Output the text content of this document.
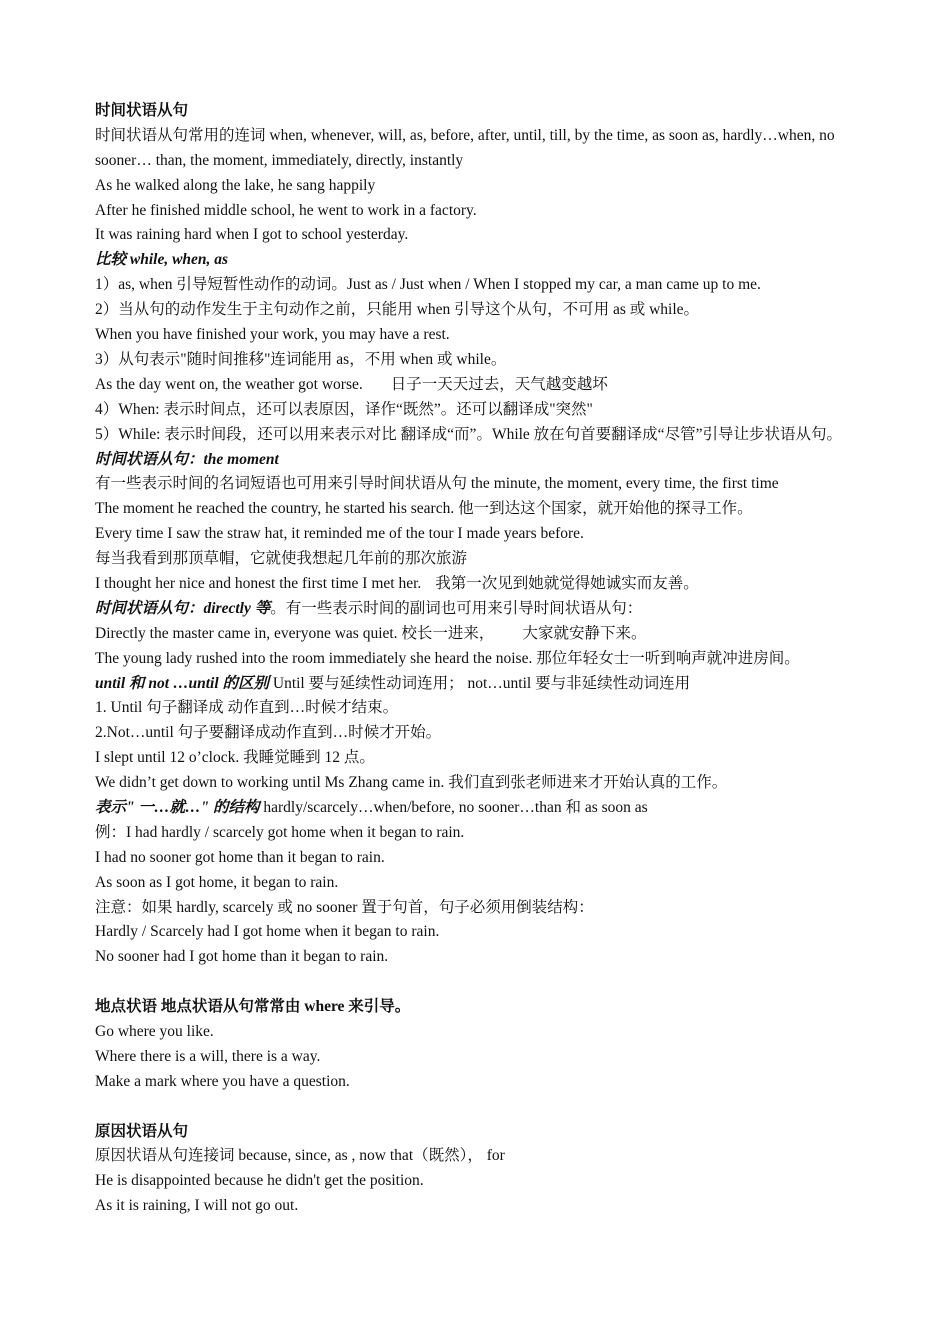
时间状语从句
时间状语从句常用的连词 when, whenever, will, as, before, after, until, till, by the time, as soon as, hardly…when, no sooner… than, the moment, immediately, directly, instantly
As he walked along the lake, he sang happily
After he finished middle school, he went to work in a factory.
It was raining hard when I got to school yesterday.
比较 while, when, as
1）as, when 引导短暂性动作的动词。Just as / Just when / When I stopped my car, a man came up to me.
2）当从句的动作发生于主句动作之前，只能用 when 引导这个从句，不可用 as 或 while。
When you have finished your work, you may have a rest.
3）从句表示"随时间推移"连词能用 as，不用 when 或 while。
As the day went on, the weather got worse. 日子一天天过去，天气越变越坏
4）When: 表示时间点，还可以表原因，译作“既然”。还可以翻译成"突然"
5）While: 表示时间段，还可以用来表示对比 翻译成“而”。While 放在句首要翻译成“尽管”引导让步状语从句。
时间状语从句：the moment
有一些表示时间的名词短语也可用来引导时间状语从句 the minute, the moment, every time, the first time
The moment he reached the country, he started his search. 他一到达这个国家，就开始他的探寻工作。
Every time I saw the straw hat, it reminded me of the tour I made years before.
每当我看到那顶草帽，它就使我想起几年前的那次旅游
I thought her nice and honest the first time I met her. 我第一次见到她就觉得她诚实而友善。
时间状语从句：directly 等。有一些表示时间的副词也可用来引导时间状语从句：
Directly the master came in, everyone was quiet. 校长一进来， 大家就安静下来。
The young lady rushed into the room immediately she heard the noise. 那位年轻女士一听到响声就冲进房间。
until 和 not …until 的区别 Until 要与延续性动词连用； not…until 要与非延续性动词连用
1. Until 句子翻译成 动作直到…时候才结束。
2.Not…until 句子要翻译成动作直到…时候才开始。
I slept until 12 o’clock. 我睡觉睡到 12 点。
We didn’t get down to working until Ms Zhang came in. 我们直到张老师进来才开始认真的工作。
表示" 一…就…" 的结构 hardly/scarcely…when/before, no sooner…than 和 as soon as
例：I had hardly / scarcely got home when it began to rain.
I had no sooner got home than it began to rain.
As soon as I got home, it began to rain.
注意：如果 hardly, scarcely 或 no sooner 置于句首，句子必须用倒装结构：
Hardly / Scarcely had I got home when it began to rain.
No sooner had I got home than it began to rain.
地点状语 地点状语从句常常由 where 来引导。
Go where you like.
Where there is a will, there is a way.
Make a mark where you have a question.
原因状语从句
原因状语从句连接词 because, since, as , now that（既然）， for
He is disappointed because he didn't get the position.
As it is raining, I will not go out.
